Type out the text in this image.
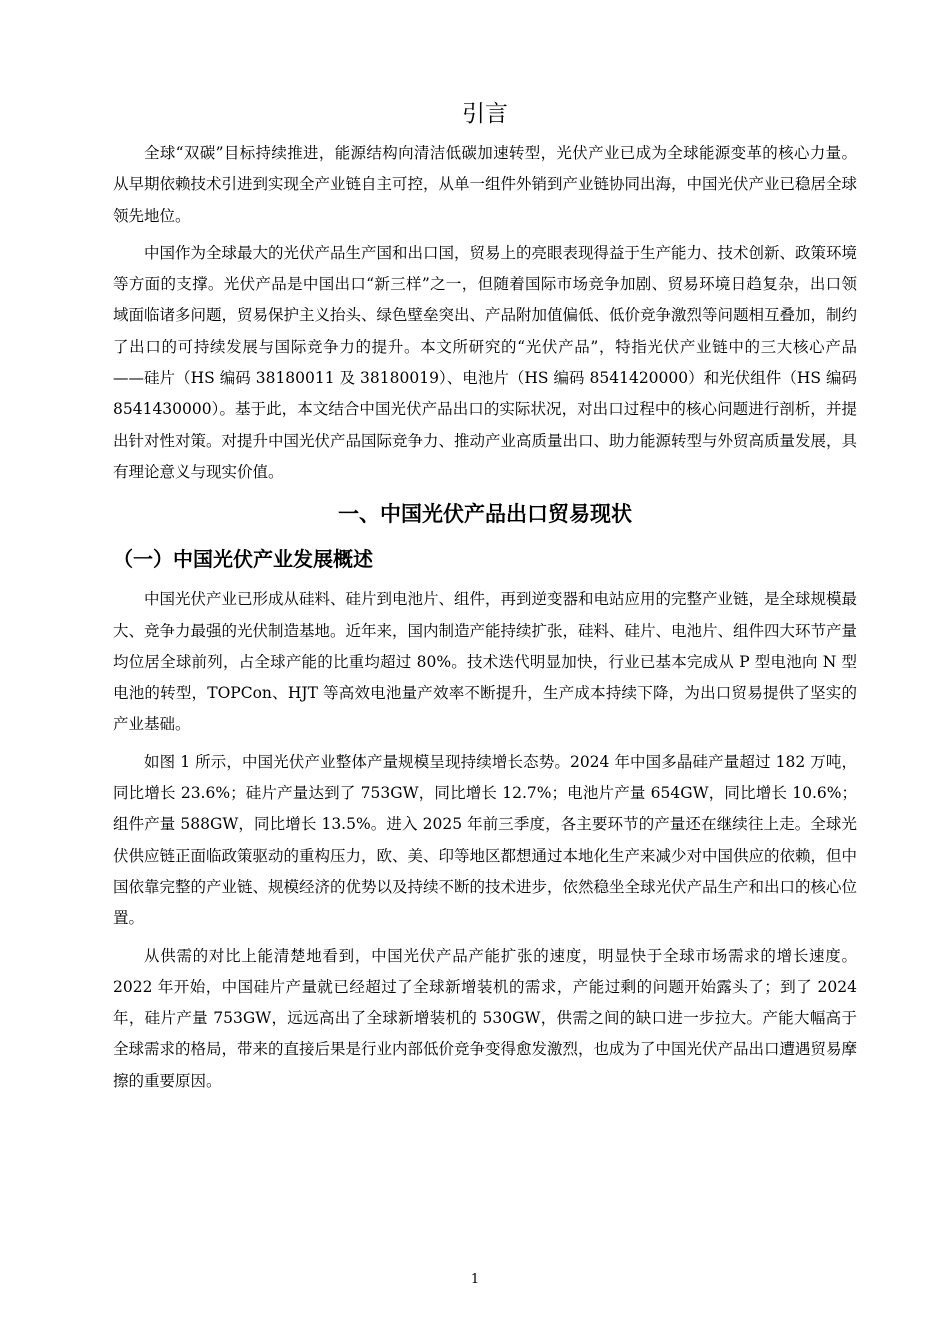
引言

全球“双碳”目标持续推进，能源结构向清洁低碳加速转型，光伏产业已成为全球能源变革的核心力量。从早期依赖技术引进到实现全产业链自主可控，从单一组件外销到产业链协同出海，中国光伏产业已稳居全球领先地位。

中国作为全球最大的光伏产品生产国和出口国，贸易上的亮眼表现得益于生产能力、技术创新、政策环境等方面的支撑。光伏产品是中国出口“新三样”之一，但随着国际市场竞争加剧、贸易环境日趋复杂，出口领域面临诸多问题，贸易保护主义抬头、绿色壁垒突出、产品附加值偏低、低价竞争激烈等问题相互叠加，制约了出口的可持续发展与国际竞争力的提升。本文所研究的“光伏产品”，特指光伏产业链中的三大核心产品——硅片（HS 编码 38180011 及 38180019）、电池片（HS 编码 8541420000）和光伏组件（HS 编码 8541430000）。基于此，本文结合中国光伏产品出口的实际状况，对出口过程中的核心问题进行剖析，并提出针对性对策。对提升中国光伏产品国际竞争力、推动产业高质量出口、助力能源转型与外贸高质量发展，具有理论意义与现实价值。

一、中国光伏产品出口贸易现状
（一）中国光伏产业发展概述

中国光伏产业已形成从硅料、硅片到电池片、组件，再到逆变器和电站应用的完整产业链，是全球规模最大、竞争力最强的光伏制造基地。近年来，国内制造产能持续扩张，硅料、硅片、电池片、组件四大环节产量均位居全球前列，占全球产能的比重均超过 80%。技术迭代明显加快，行业已基本完成从 P 型电池向 N 型电池的转型，TOPCon、HJT 等高效电池量产效率不断提升，生产成本持续下降，为出口贸易提供了坚实的产业基础。

如图 1 所示，中国光伏产业整体产量规模呈现持续增长态势。2024 年中国多晶硅产量超过 182 万吨，同比增长 23.6%；硅片产量达到了 753GW，同比增长 12.7%；电池片产量 654GW，同比增长 10.6%；组件产量 588GW，同比增长 13.5%。进入 2025 年前三季度，各主要环节的产量还在继续往上走。全球光伏供应链正面临政策驱动的重构压力，欧、美、印等地区都想通过本地化生产来减少对中国供应的依赖，但中国依靠完整的产业链、规模经济的优势以及持续不断的技术进步，依然稳坐全球光伏产品生产和出口的核心位置。

从供需的对比上能清楚地看到，中国光伏产品产能扩张的速度，明显快于全球市场需求的增长速度。2022 年开始，中国硅片产量就已经超过了全球新增装机的需求，产能过剩的问题开始露头了；到了 2024 年，硅片产量 753GW，远远高出了全球新增装机的 530GW，供需之间的缺口进一步拉大。产能大幅高于全球需求的格局，带来的直接后果是行业内部低价竞争变得愈发激烈，也成为了中国光伏产品出口遭遇贸易摩擦的重要原因。

1
